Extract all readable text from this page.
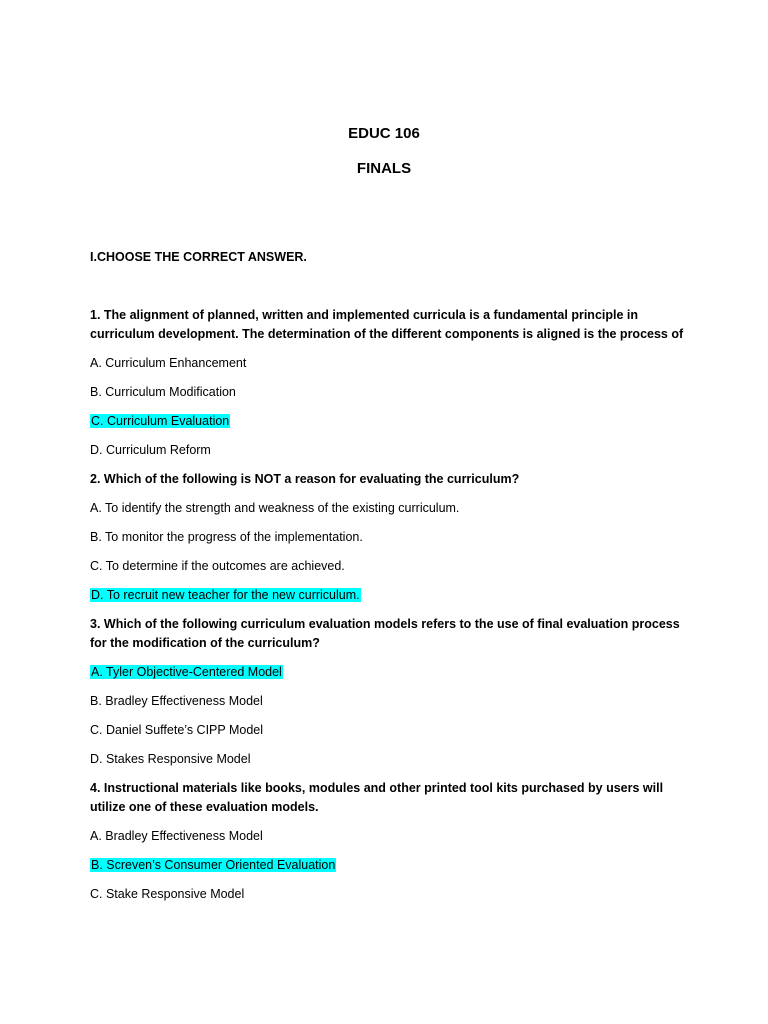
EDUC 106
FINALS
I.CHOOSE THE CORRECT ANSWER.
1. The alignment of planned, written and implemented curricula is a fundamental principle in
curriculum development. The determination of the different components is aligned is the process of
A. Curriculum Enhancement
B. Curriculum Modification
C. Curriculum Evaluation
D. Curriculum Reform
2. Which of the following is NOT a reason for evaluating the curriculum?
A. To identify the strength and weakness of the existing curriculum.
B. To monitor the progress of the implementation.
C. To determine if the outcomes are achieved.
D. To recruit new teacher for the new curriculum.
3. Which of the following curriculum evaluation models refers to the use of final evaluation process
for the modification of the curriculum?
A. Tyler Objective-Centered Model
B. Bradley Effectiveness Model
C. Daniel Suffete’s CIPP Model
D. Stakes Responsive Model
4. Instructional materials like books, modules and other printed tool kits purchased by users will
utilize one of these evaluation models.
A. Bradley Effectiveness Model
B. Screven’s Consumer Oriented Evaluation
C. Stake Responsive Model
